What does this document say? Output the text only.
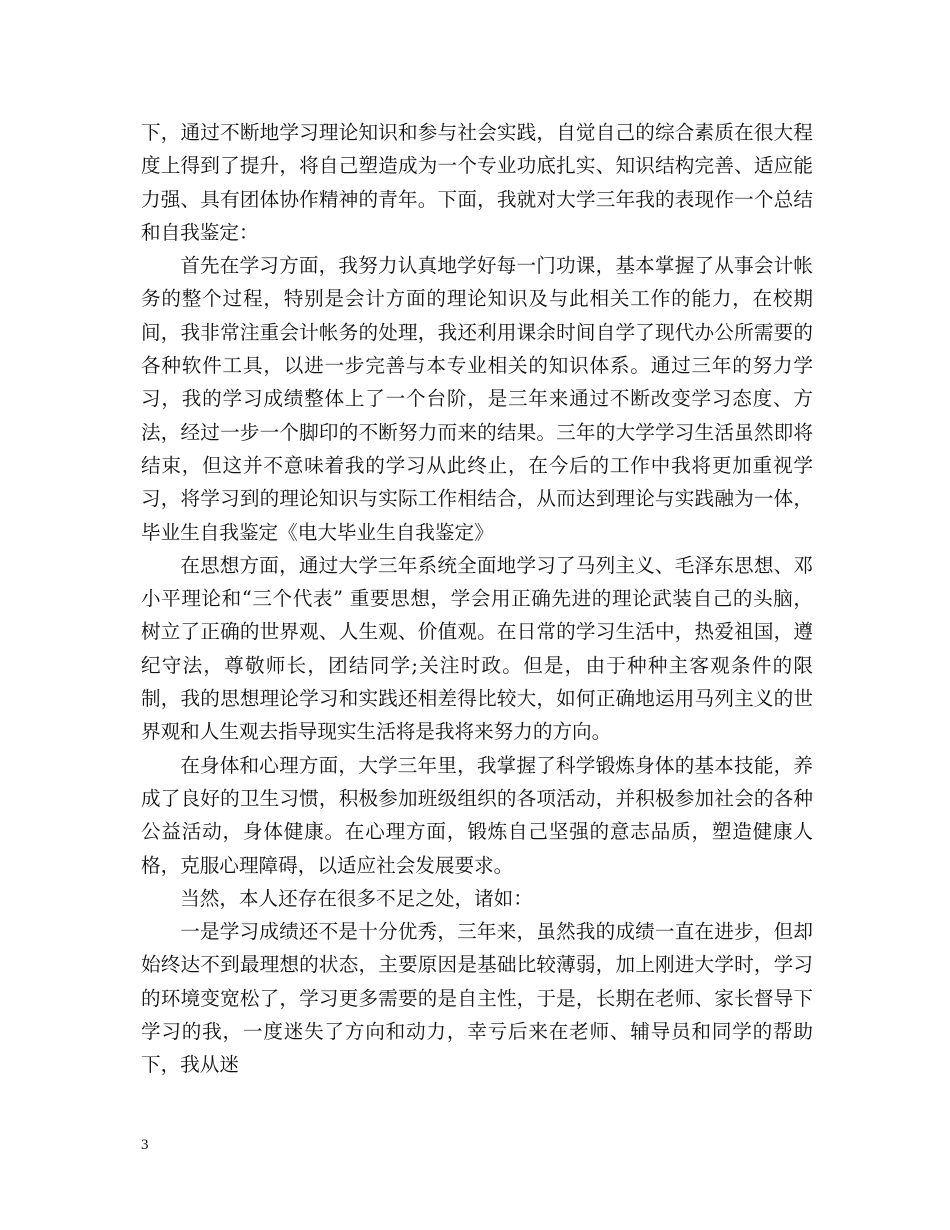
下，通过不断地学习理论知识和参与社会实践，自觉自己的综合素质在很大程度上得到了提升，将自己塑造成为一个专业功底扎实、知识结构完善、适应能力强、具有团体协作精神的青年。下面，我就对大学三年我的表现作一个总结和自我鉴定：

首先在学习方面，我努力认真地学好每一门功课，基本掌握了从事会计帐务的整个过程，特别是会计方面的理论知识及与此相关工作的能力，在校期间，我非常注重会计帐务的处理，我还利用课余时间自学了现代办公所需要的各种软件工具，以进一步完善与本专业相关的知识体系。通过三年的努力学习，我的学习成绩整体上了一个台阶，是三年来通过不断改变学习态度、方法，经过一步一个脚印的不断努力而来的结果。三年的大学学习生活虽然即将结束，但这并不意味着我的学习从此终止，在今后的工作中我将更加重视学习，将学习到的理论知识与实际工作相结合，从而达到理论与实践融为一体，毕业生自我鉴定《电大毕业生自我鉴定》

在思想方面，通过大学三年系统全面地学习了马列主义、毛泽东思想、邓小平理论和“三个代表” 重要思想，学会用正确先进的理论武装自己的头脑，树立了正确的世界观、人生观、价值观。在日常的学习生活中，热爱祖国，遵纪守法，尊敬师长，团结同学;关注时政。但是，由于种种主客观条件的限制，我的思想理论学习和实践还相差得比较大，如何正确地运用马列主义的世界观和人生观去指导现实生活将是我将来努力的方向。

在身体和心理方面，大学三年里，我掌握了科学锻炼身体的基本技能，养成了良好的卫生习惯，积极参加班级组织的各项活动，并积极参加社会的各种公益活动，身体健康。在心理方面，锻炼自己坚强的意志品质，塑造健康人格，克服心理障碍，以适应社会发展要求。

当然，本人还存在很多不足之处，诸如：

一是学习成绩还不是十分优秀，三年来，虽然我的成绩一直在进步，但却始终达不到最理想的状态，主要原因是基础比较薄弱，加上刚进大学时，学习的环境变宽松了，学习更多需要的是自主性，于是，长期在老师、家长督导下学习的我，一度迷失了方向和动力，幸亏后来在老师、辅导员和同学的帮助下，我从迷

3
